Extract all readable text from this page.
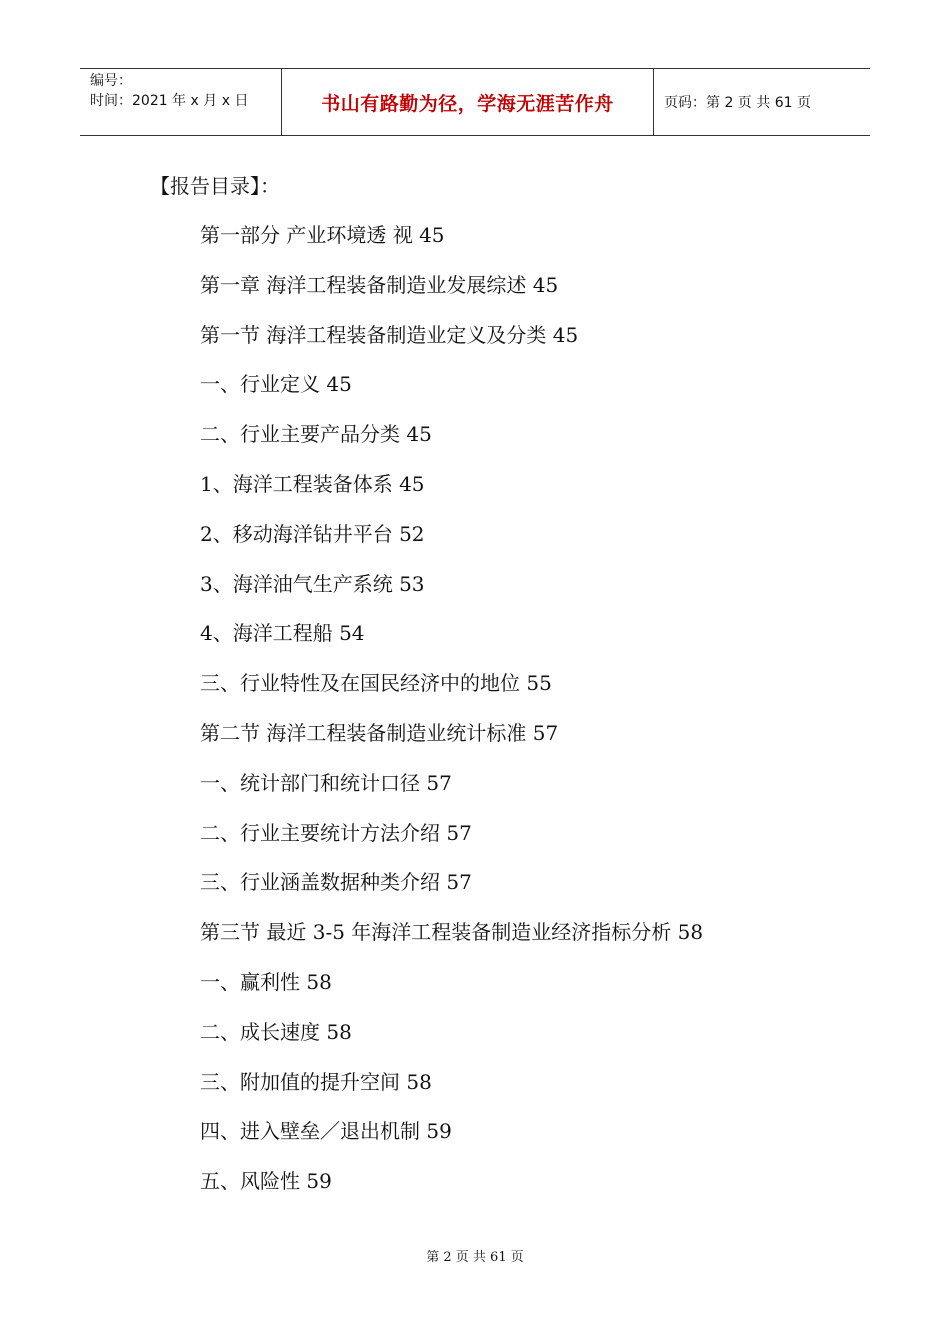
编号：
时间：2021 年 x 月 x 日	书山有路勤为径，学海无涯苦作舟	页码：第 2 页 共 61 页
【报告目录】：
第一部分 产业环境透 视 45
第一章 海洋工程装备制造业发展综述 45
第一节 海洋工程装备制造业定义及分类 45
一、行业定义 45
二、行业主要产品分类 45
1、海洋工程装备体系 45
2、移动海洋钻井平台 52
3、海洋油气生产系统 53
4、海洋工程船 54
三、行业特性及在国民经济中的地位 55
第二节 海洋工程装备制造业统计标准 57
一、统计部门和统计口径 57
二、行业主要统计方法介绍 57
三、行业涵盖数据种类介绍 57
第三节 最近 3-5 年海洋工程装备制造业经济指标分析 58
一、赢利性 58
二、成长速度 58
三、附加值的提升空间 58
四、进入壁垒／退出机制 59
五、风险性 59
第 2 页 共 61 页
